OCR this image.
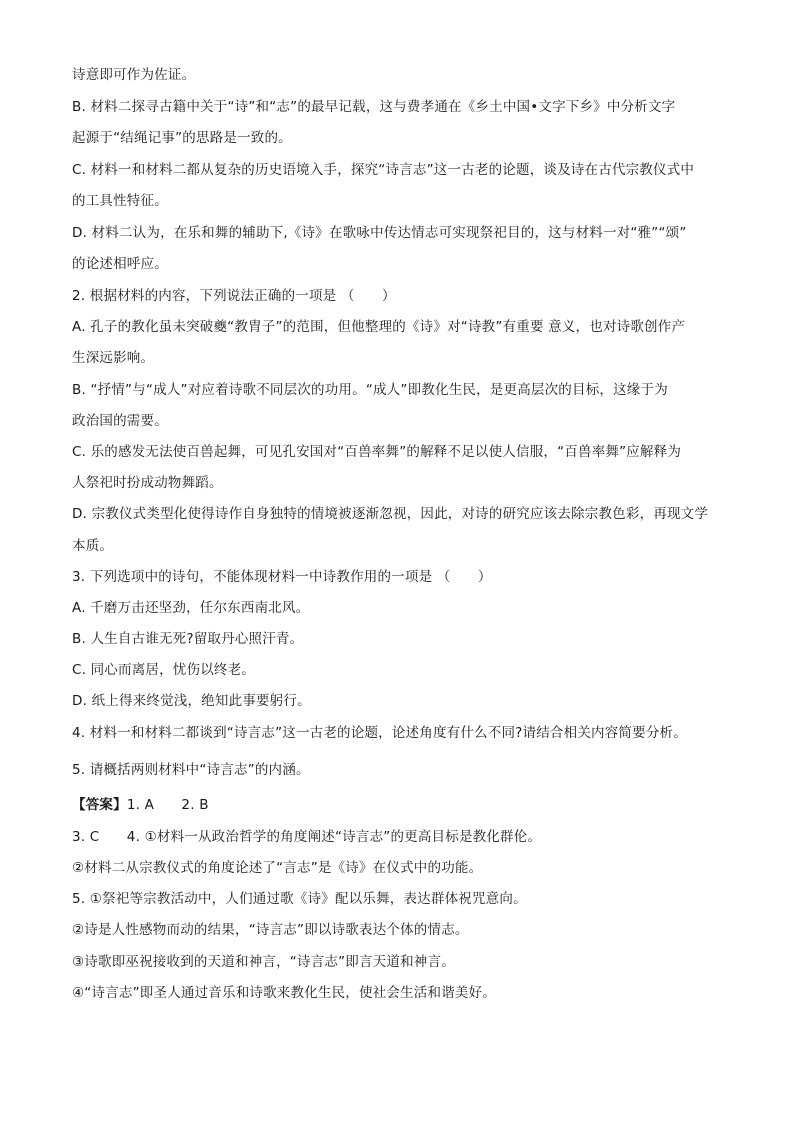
诗意即可作为佐证。
B. 材料二探寻古籍中关于“诗”和“志”的最早记载，这与费孝通在《乡土中国•文字下乡》中分析文字
起源于“结绳记事”的思路是一致的。
C. 材料一和材料二都从复杂的历史语境入手，探究“诗言志”这一古老的论题，谈及诗在古代宗教仪式中
的工具性特征。
D. 材料二认为，在乐和舞的辅助下,《诗》在歌咏中传达情志可实现祭祀目的，这与材料一对“雅”“颂”
的论述相呼应。
2. 根据材料的内容，下列说法正确的一项是 （　　）
A. 孔子的教化虽未突破夔“教胄子”的范围，但他整理的《诗》对“诗教”有重要 意义，也对诗歌创作产
生深远影响。
B. “抒情”与“成人”对应着诗歌不同层次的功用。“成人”即教化生民，是更高层次的目标，这缘于为
政治国的需要。
C. 乐的感发无法使百兽起舞，可见孔安国对“百兽率舞”的解释不足以使人信服，“百兽率舞”应解释为
人祭祀时扮成动物舞蹈。
D. 宗教仪式类型化使得诗作自身独特的情境被逐渐忽视，因此，对诗的研究应该去除宗教色彩，再现文学
本质。
3. 下列选项中的诗句，不能体现材料一中诗教作用的一项是 （　　）
A. 千磨万击还坚劲，任尔东西南北风。
B. 人生自古谁无死?留取丹心照汗青。
C. 同心而离居，忧伤以终老。
D. 纸上得来终觉浅，绝知此事要躬行。
4. 材料一和材料二都谈到“诗言志”这一古老的论题，论述角度有什么不同?请结合相关内容简要分析。
5. 请概括两则材料中“诗言志”的内涵。
【答案】1. A　　2. B
3. C　　4. ①材料一从政治哲学的角度阐述“诗言志”的更高目标是教化群伦。
②材料二从宗教仪式的角度论述了“言志”是《诗》在仪式中的功能。
5. ①祭祀等宗教活动中，人们通过歌《诗》配以乐舞，表达群体祝咒意向。
②诗是人性感物而动的结果，“诗言志”即以诗歌表达个体的情志。
③诗歌即巫祝接收到的天道和神言，“诗言志”即言天道和神言。
④“诗言志”即圣人通过音乐和诗歌来教化生民，使社会生活和谐美好。
